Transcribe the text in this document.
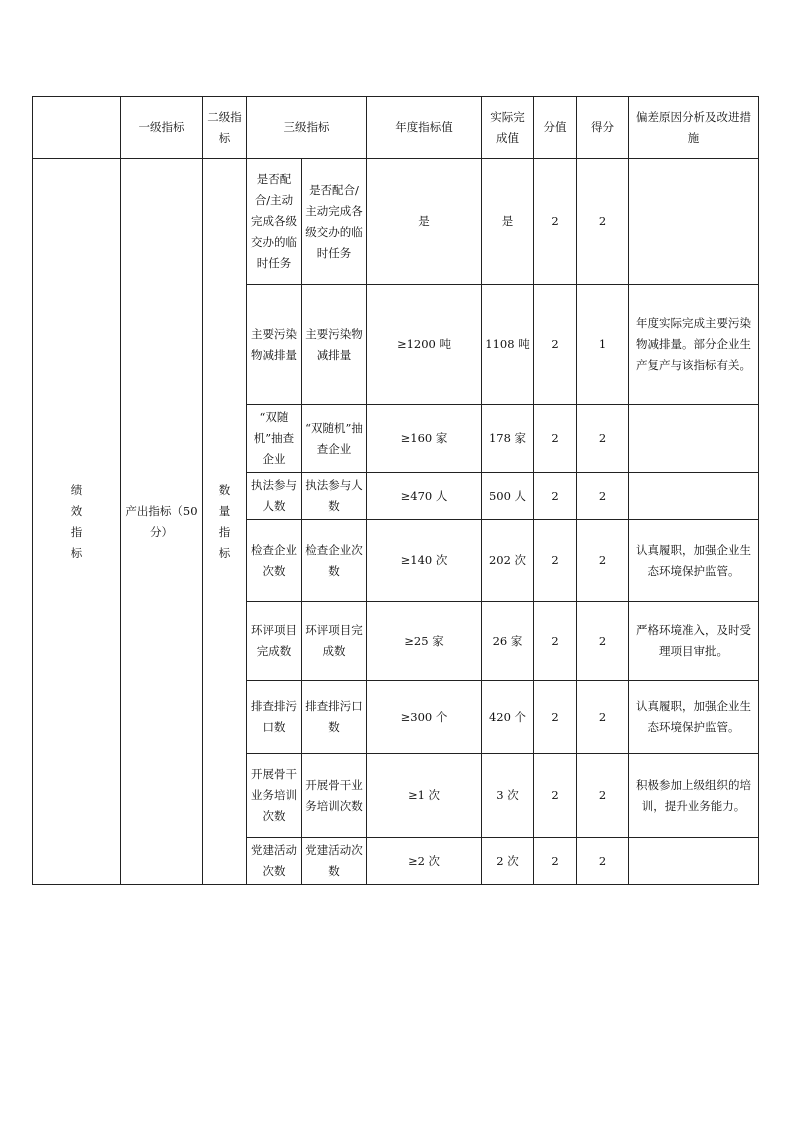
	一级指标	二级指标	三级指标		年度指标值	实际完成值	分值	得分	偏差原因分析及改进措施
绩效指标	产出指标（50分）	数量指标	是否配合/主动完成各级交办的临时任务	是否配合/主动完成各级交办的临时任务	是	是	2	2	
			主要污染物减排量	主要污染物减排量	≥1200 吨	1108 吨	2	1	年度实际完成主要污染物减排量。部分企业生产复产与该指标有关。
			“双随机”抽查企业	“双随机”抽查企业	≥160 家	178 家	2	2	
			执法参与人数	执法参与人数	≥470 人	500 人	2	2	
			检查企业次数	检查企业次数	≥140 次	202 次	2	2	认真履职，加强企业生态环境保护监管。
			环评项目完成数	环评项目完成数	≥25 家	26 家	2	2	严格环境准入，及时受理项目审批。
			排查排污口数	排查排污口数	≥300 个	420 个	2	2	认真履职，加强企业生态环境保护监管。
			开展骨干业务培训次数	开展骨干业务培训次数	≥1 次	3 次	2	2	积极参加上级组织的培训，提升业务能力。
			党建活动次数	党建活动次数	≥2 次	2 次	2	2	
